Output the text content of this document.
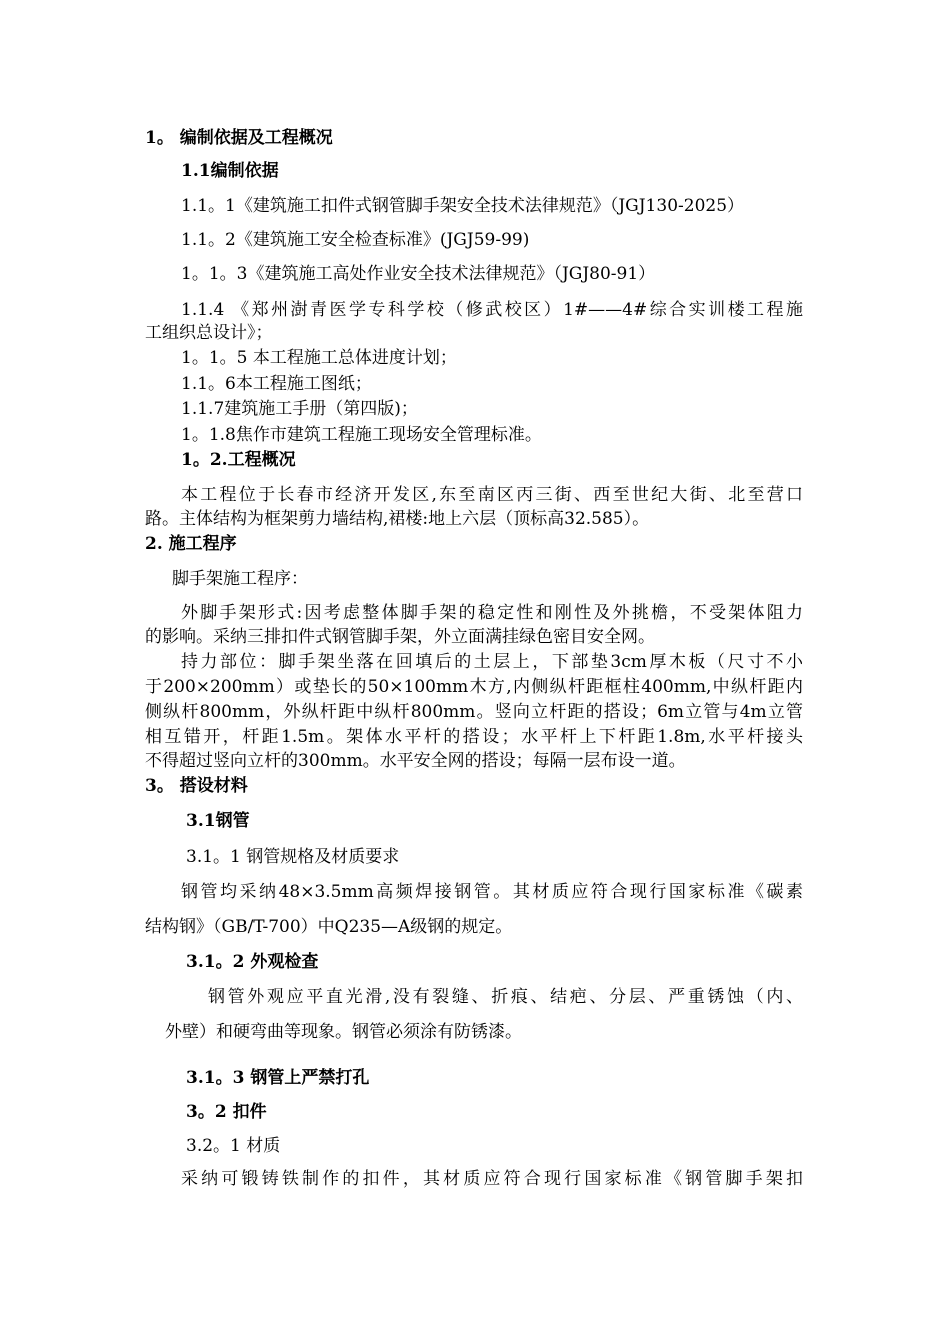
1。 编制依据及工程概况
1.1编制依据
1.1。1《建筑施工扣件式钢管脚手架安全技术法律规范》（JGJ130-2025）
1.1。2《建筑施工安全检查标准》(JGJ59-99)
1。1。3《建筑施工高处作业安全技术法律规范》（JGJ80-91）
1.1.4 《郑州澍青医学专科学校（修武校区）1#——4#综合实训楼工程施
工组织总设计》；
1。1。5 本工程施工总体进度计划；
1.1。6本工程施工图纸；
1.1.7建筑施工手册（第四版)；
1。1.8焦作市建筑工程施工现场安全管理标准。
1。2.工程概况
本工程位于长春市经济开发区,东至南区丙三街、西至世纪大街、北至营口
路。主体结构为框架剪力墙结构,裙楼:地上六层（顶标高32.585）。
2. 施工程序
脚手架施工程序：
外脚手架形式:因考虑整体脚手架的稳定性和刚性及外挑檐，不受架体阻力
的影响。采纳三排扣件式钢管脚手架，外立面满挂绿色密目安全网。
持力部位：脚手架坐落在回填后的土层上，下部垫3cm厚木板（尺寸不小
于200×200mm）或垫长的50×100mm木方,内侧纵杆距框柱400mm,中纵杆距内
侧纵杆800mm，外纵杆距中纵杆800mm。竖向立杆距的搭设；6m立管与4m立管
相互错开，杆距1.5m。架体水平杆的搭设；水平杆上下杆距1.8m,水平杆接头
不得超过竖向立杆的300mm。水平安全网的搭设；每隔一层布设一道。
3。 搭设材料
3.1钢管
3.1。1 钢管规格及材质要求
钢管均采纳48×3.5mm高频焊接钢管。其材质应符合现行国家标准《碳素
结构钢》（GB/T-700）中Q235—A级钢的规定。
3.1。2 外观检查
钢管外观应平直光滑,没有裂缝、折痕、结疤、分层、严重锈蚀（内、
外壁）和硬弯曲等现象。钢管必须涂有防锈漆。
3.1。3 钢管上严禁打孔
3。2 扣件
3.2。1 材质
采纳可锻铸铁制作的扣件，其材质应符合现行国家标准《钢管脚手架扣
